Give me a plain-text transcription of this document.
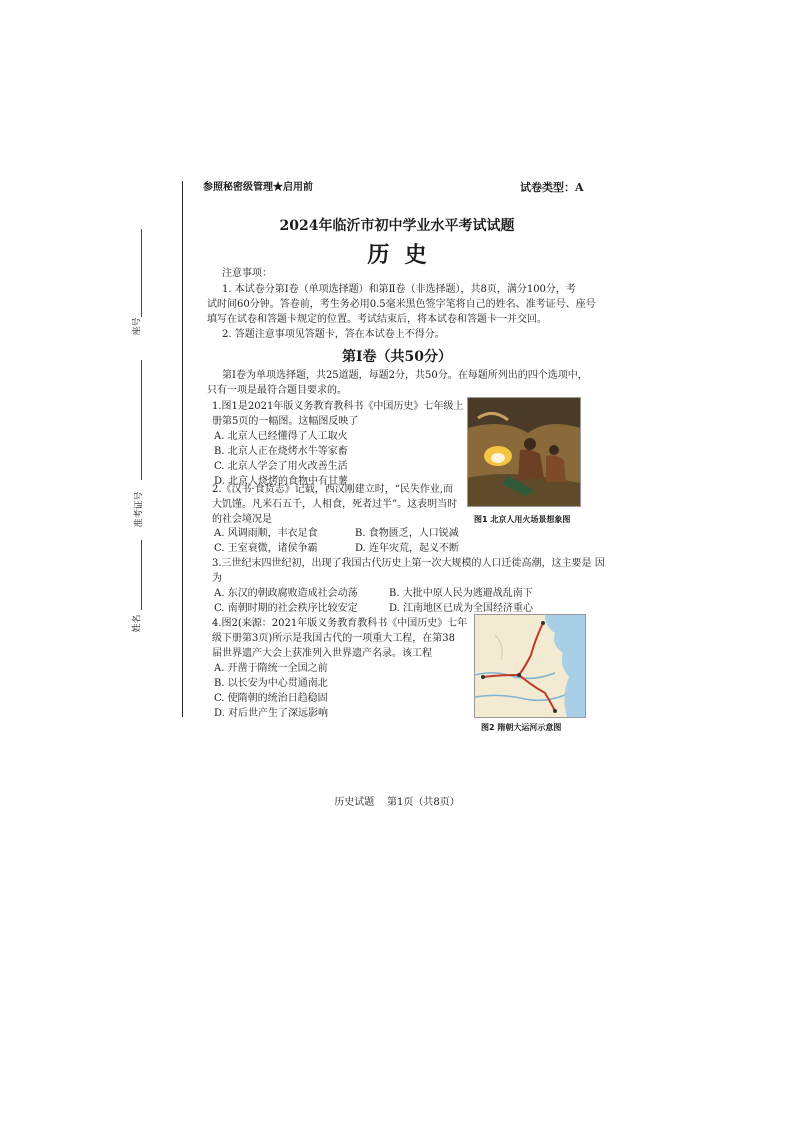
座号
准考证号
姓名
参照秘密级管理★启用前	试卷类型：A
2024年临沂市初中学业水平考试试题
历  史
注意事项：
1. 本试卷分第Ⅰ卷（单项选择题）和第Ⅱ卷（非选择题），共8页，满分100分，考
试时间60分钟。答卷前，考生务必用0.5毫米黑色签字笔将自己的姓名、准考证号、座号
填写在试卷和答题卡规定的位置。考试结束后，将本试卷和答题卡一并交回。
2. 答题注意事项见答题卡，答在本试卷上不得分。
第Ⅰ卷（共50分）
第Ⅰ卷为单项选择题，共25道题，每题2分，共50分。在每题所列出的四个选项中，
只有一项是最符合题目要求的。
1.图1是2021年版义务教育教科书《中国历史》七年级上
册第5页的一幅图。这幅图反映了
A. 北京人已经懂得了人工取火
B. 北京人正在烧烤水牛等家畜
C. 北京人学会了用火改善生活
D. 北京人烧烤的食物中有甘薯
图1 北京人用火场景想象图
2.《汉书·食货志》记载，西汉刚建立时，“民失作业,而
大饥馑。凡米石五千，人相食，死者过半”。这表明当时
的社会境况是
A. 风调雨顺，丰衣足食	B. 食物匮乏，人口锐减
C. 王室衰微，诸侯争霸	D. 连年灾荒，起义不断
3.三世纪末四世纪初，出现了我国古代历史上第一次大规模的人口迁徙高潮，这主要是 因
为
A. 东汉的朝政腐败造成社会动荡	B. 大批中原人民为逃避战乱南下
C. 南朝时期的社会秩序比较安定	D. 江南地区已成为全国经济重心
4.图2(来源：2021年版义务教育教科书《中国历史》七年
级下册第3页)所示是我国古代的一项重大工程，在第38
届世界遗产大会上获准列入世界遗产名录。该工程
A. 开凿于隋统一全国之前
B. 以长安为中心贯通南北
C. 使隋朝的统治日趋稳固
D. 对后世产生了深远影响
图2 隋朝大运河示意图
历史试题    第1页（共8页）
